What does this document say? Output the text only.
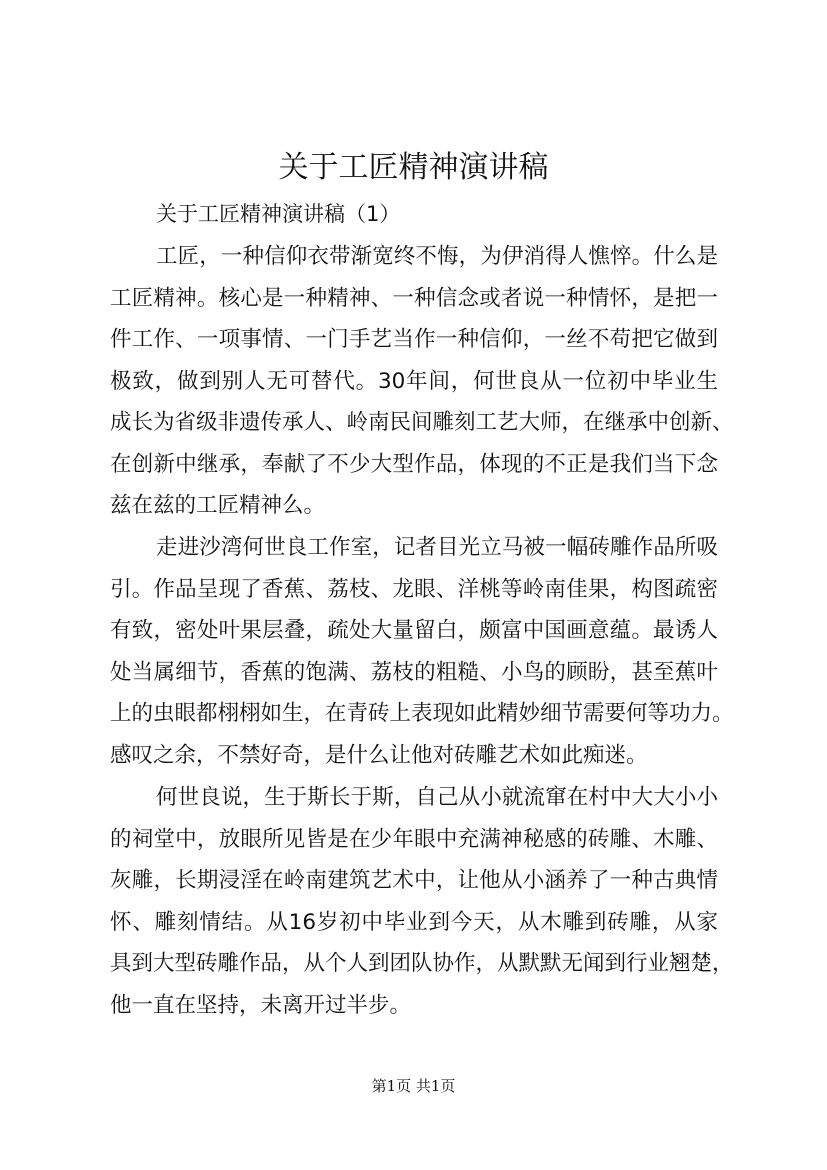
关于工匠精神演讲稿

关于工匠精神演讲稿（1）

工匠，一种信仰衣带渐宽终不悔，为伊消得人憔悴。什么是
工匠精神。核心是一种精神、一种信念或者说一种情怀，是把一
件工作、一项事情、一门手艺当作一种信仰，一丝不苟把它做到
极致，做到别人无可替代。30年间，何世良从一位初中毕业生
成长为省级非遗传承人、岭南民间雕刻工艺大师，在继承中创新、
在创新中继承，奉献了不少大型作品，体现的不正是我们当下念
兹在兹的工匠精神么。
走进沙湾何世良工作室，记者目光立马被一幅砖雕作品所吸
引。作品呈现了香蕉、荔枝、龙眼、洋桃等岭南佳果，构图疏密
有致，密处叶果层叠，疏处大量留白，颇富中国画意蕴。最诱人
处当属细节，香蕉的饱满、荔枝的粗糙、小鸟的顾盼，甚至蕉叶
上的虫眼都栩栩如生，在青砖上表现如此精妙细节需要何等功力。
感叹之余，不禁好奇，是什么让他对砖雕艺术如此痴迷。
何世良说，生于斯长于斯，自己从小就流窜在村中大大小小
的祠堂中，放眼所见皆是在少年眼中充满神秘感的砖雕、木雕、
灰雕，长期浸淫在岭南建筑艺术中，让他从小涵养了一种古典情
怀、雕刻情结。从16岁初中毕业到今天，从木雕到砖雕，从家
具到大型砖雕作品，从个人到团队协作，从默默无闻到行业翘楚，
他一直在坚持，未离开过半步。
第1页 共1页
